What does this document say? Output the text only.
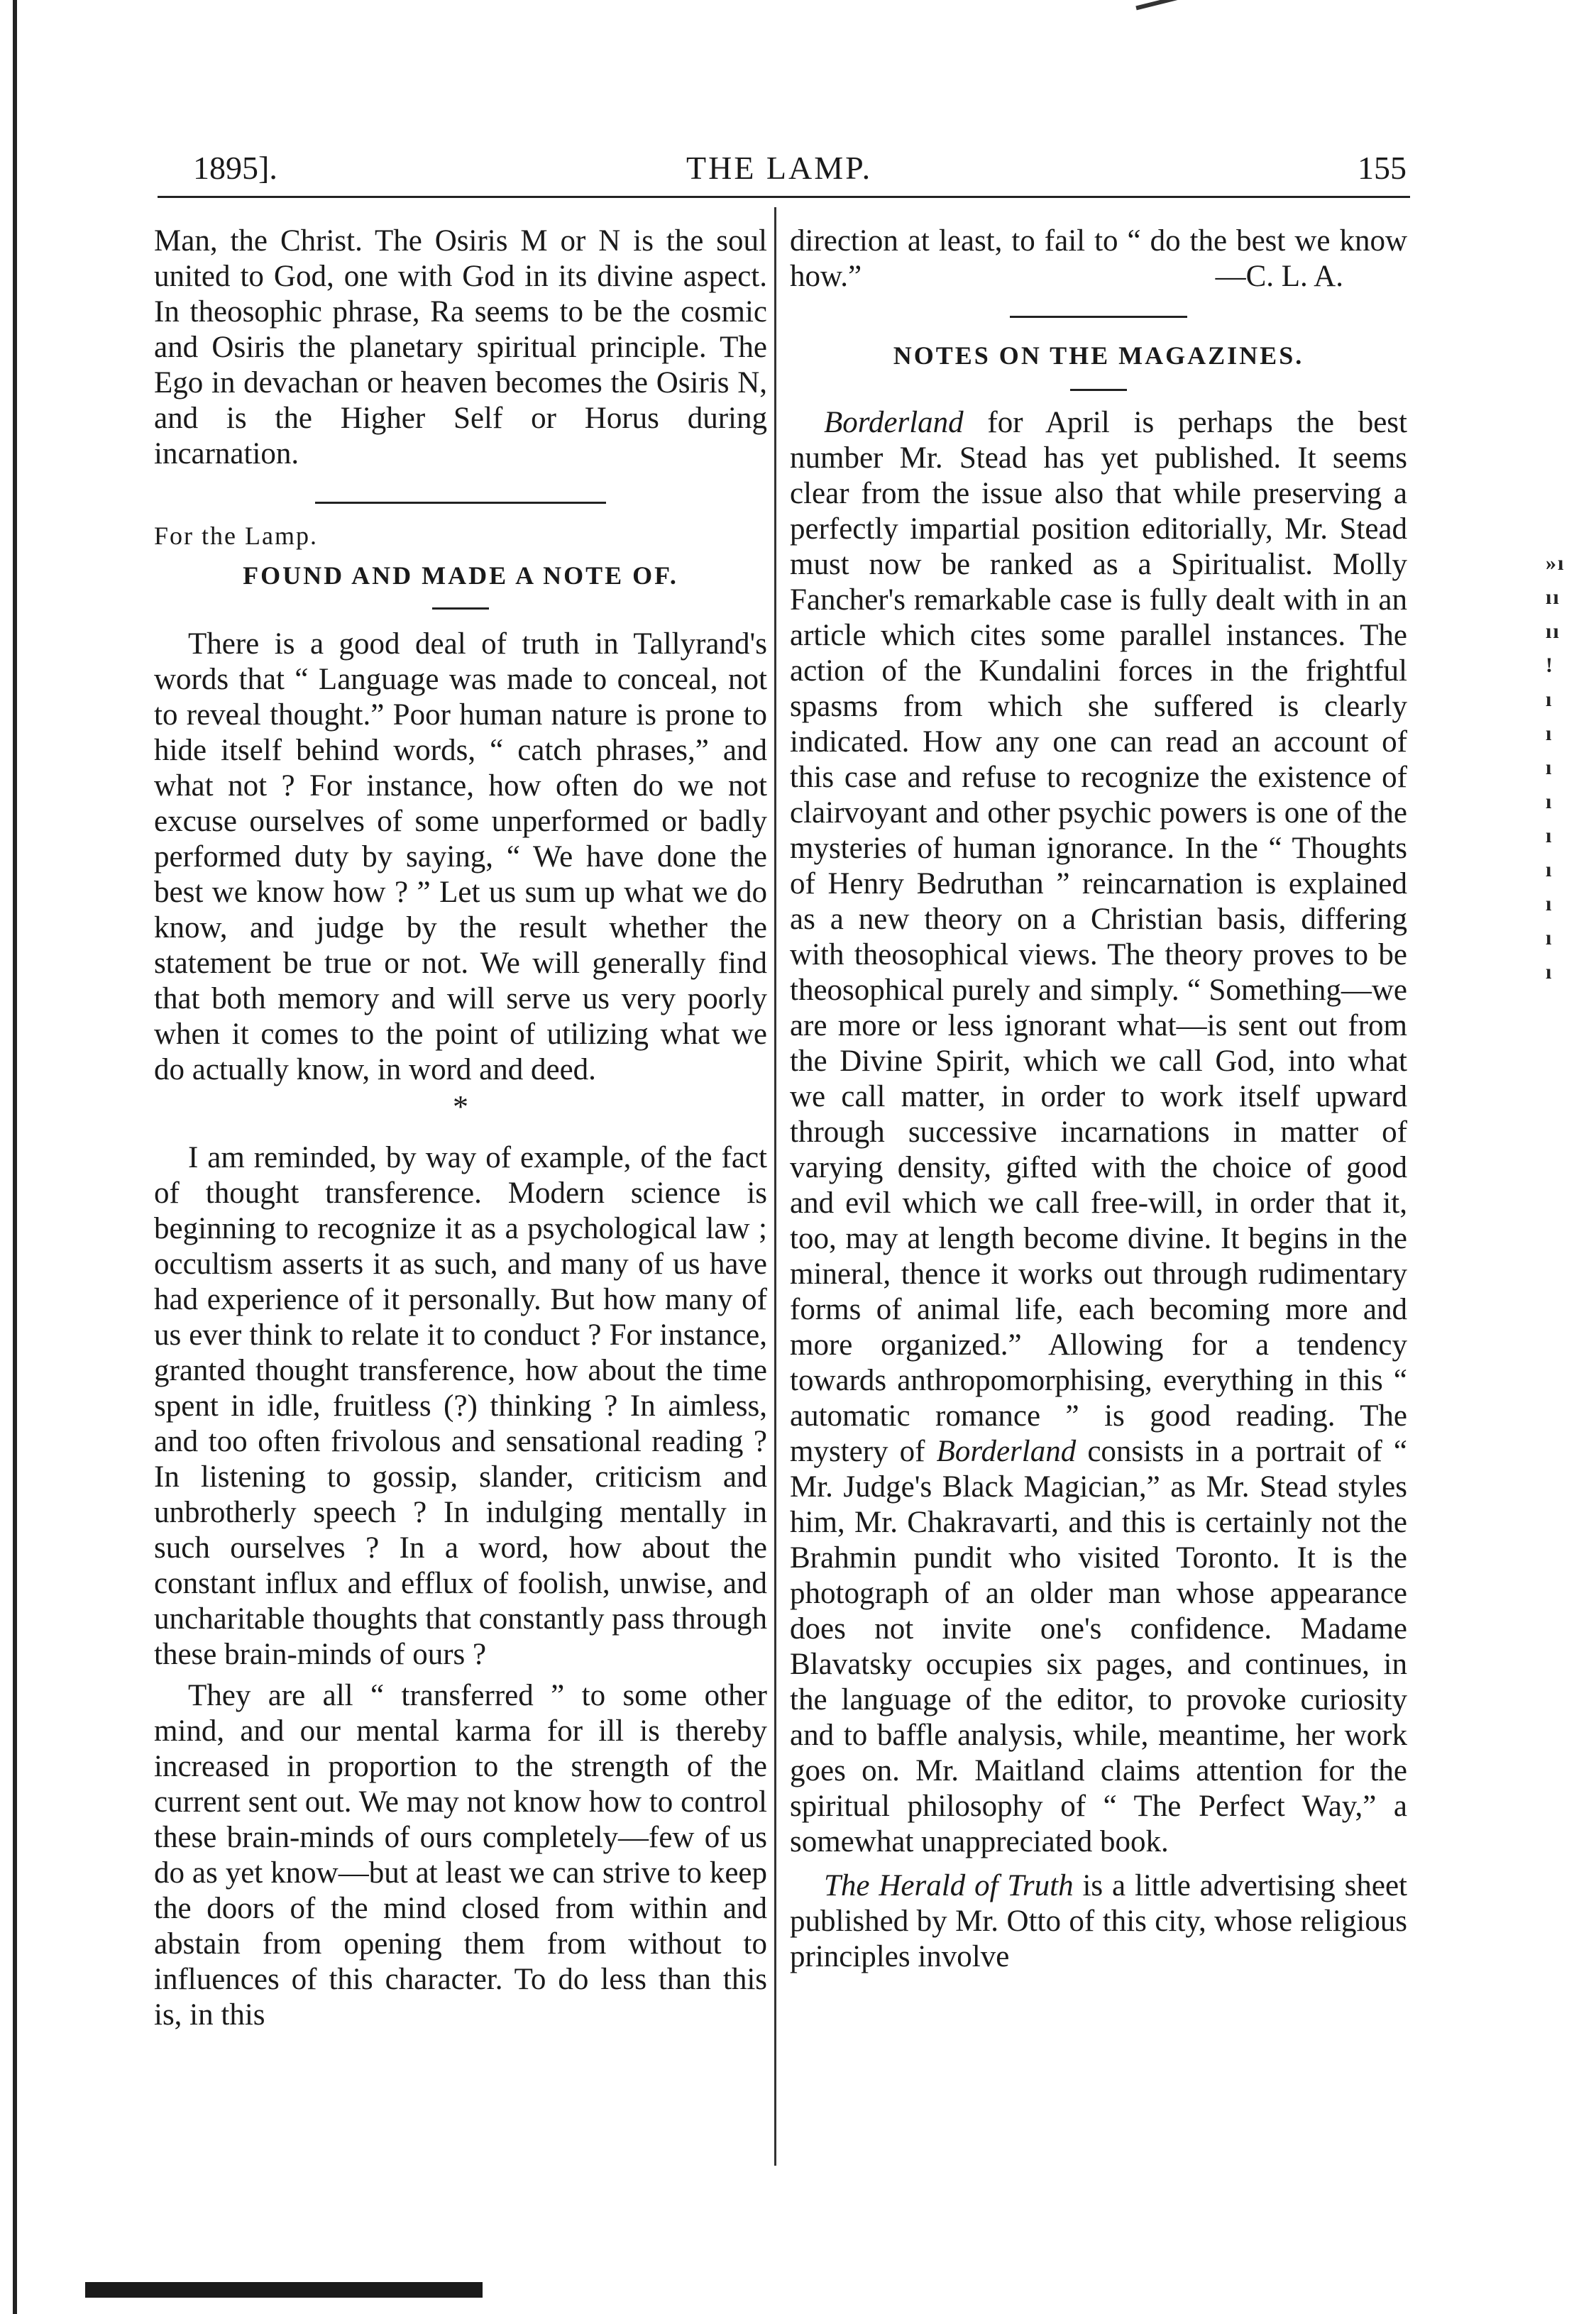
»ı
ıı
ıı
!
ı
ı
ı
ı
ı
ı
ı
ı
ı
1895].	THE LAMP.	155

Man, the Christ. The Osiris M or N is the soul united to God, one with God in its divine aspect. In theosophic phrase, Ra seems to be the cosmic and Osiris the planetary spiritual principle. The Ego in devachan or heaven becomes the Osiris N, and is the Higher Self or Horus during incarnation.

For the Lamp.

FOUND AND MADE A NOTE OF.

There is a good deal of truth in Tallyrand's words that “ Language was made to conceal, not to reveal thought.” Poor human nature is prone to hide itself behind words, “ catch phrases,” and what not ? For instance, how often do we not excuse ourselves of some unperformed or badly performed duty by saying, “ We have done the best we know how ? ” Let us sum up what we do know, and judge by the result whether the statement be true or not. We will generally find that both memory and will serve us very poorly when it comes to the point of utilizing what we do actually know, in word and deed.

*

I am reminded, by way of example, of the fact of thought transference. Modern science is beginning to recognize it as a psychological law ; occultism asserts it as such, and many of us have had experience of it personally. But how many of us ever think to relate it to conduct ? For instance, granted thought transference, how about the time spent in idle, fruitless (?) thinking ? In aimless, and too often frivolous and sensational reading ? In listening to gossip, slander, criticism and unbrotherly speech ? In indulging mentally in such ourselves ? In a word, how about the constant influx and efflux of foolish, unwise, and uncharitable thoughts that constantly pass through these brain-minds of ours ?

They are all “ transferred ” to some other mind, and our mental karma for ill is thereby increased in proportion to the strength of the current sent out. We may not know how to control these brain-minds of ours completely—few of us do as yet know—but at least we can strive to keep the doors of the mind closed from within and abstain from opening them from without to influences of this character. To do less than this is, in this

direction at least, to fail to “ do the best we know how.”	—C. L. A.

NOTES ON THE MAGAZINES.

Borderland for April is perhaps the best number Mr. Stead has yet published. It seems clear from the issue also that while preserving a perfectly impartial position editorially, Mr. Stead must now be ranked as a Spiritualist. Molly Fancher's remarkable case is fully dealt with in an article which cites some parallel instances. The action of the Kundalini forces in the frightful spasms from which she suffered is clearly indicated. How any one can read an account of this case and refuse to recognize the existence of clairvoyant and other psychic powers is one of the mysteries of human ignorance. In the “ Thoughts of Henry Bedruthan ” reincarnation is explained as a new theory on a Christian basis, differing with theosophical views. The theory proves to be theosophical purely and simply. “ Something—we are more or less ignorant what—is sent out from the Divine Spirit, which we call God, into what we call matter, in order to work itself upward through successive incarnations in matter of varying density, gifted with the choice of good and evil which we call free-will, in order that it, too, may at length become divine. It begins in the mineral, thence it works out through rudimentary forms of animal life, each becoming more and more organized.” Allowing for a tendency towards anthropomorphising, everything in this “ automatic romance ” is good reading. The mystery of Borderland consists in a portrait of “ Mr. Judge's Black Magician,” as Mr. Stead styles him, Mr. Chakravarti, and this is certainly not the Brahmin pundit who visited Toronto. It is the photograph of an older man whose appearance does not invite one's confidence. Madame Blavatsky occupies six pages, and continues, in the language of the editor, to provoke curiosity and to baffle analysis, while, meantime, her work goes on. Mr. Maitland claims attention for the spiritual philosophy of “ The Perfect Way,” a somewhat unappreciated book.

The Herald of Truth is a little advertising sheet published by Mr. Otto of this city, whose religious principles involve
